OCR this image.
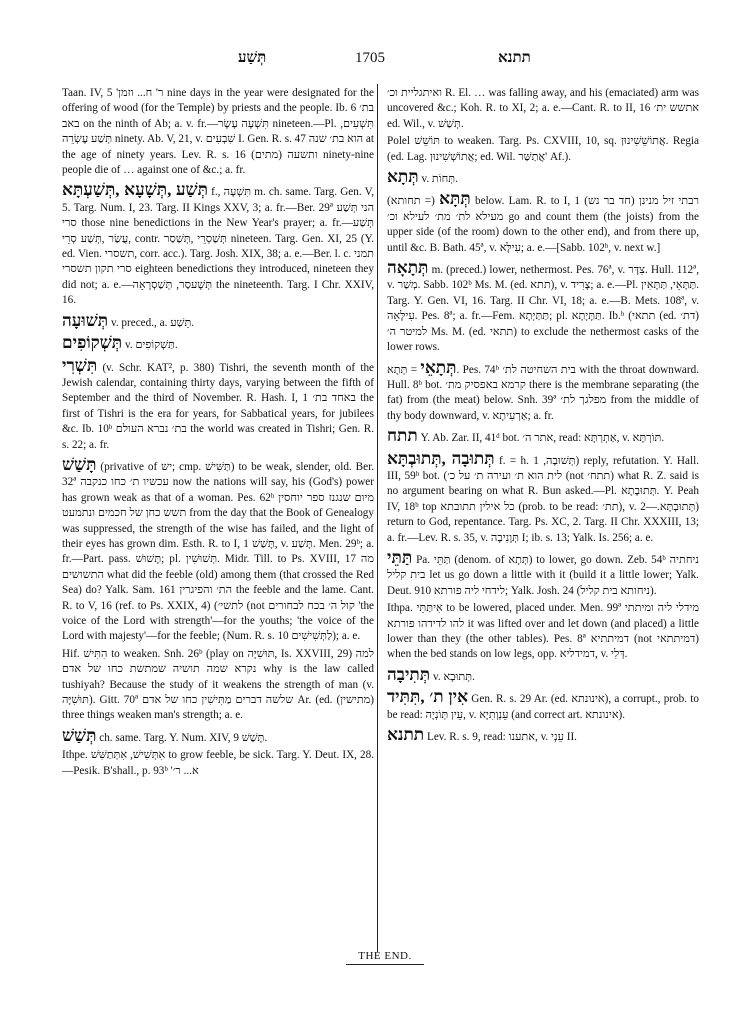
תְּשַׁע	1705	תתנא
Taan. IV, 5 'ר' ח... וזמן nine days in the year were designated for the offering of wood (for the Temple) by priests and the people. Ib. 6 בת׳ באב on the ninth of Ab; a. v. fr.—תִּשְׁעָה עָשָׂר nineteen.—Pl. תִּשְׁעִים, תְּשַׁע עֶשְׂרֵה ninety. Ab. V, 21, v. שִׁבְעִים I. Gen. R. s. 47 הוא בת׳ שנה at the age of ninety years. Lev. R. s. 16 (ותשעה (מתים ninety-nine people die of … against one of &c.; a. fr.
תְּשַׁע ,תְּשָׁעָא ,תְּשַׁעְתָּא f., תִּשְׁעָה m. ch. same. Targ. Gen. V, 5. Targ. Num. I, 23. Targ. II Kings XXV, 3; a. fr.—Ber. 29ª הני תְּשַׁע סרי those nine benedictions in the New Year's prayer; a. fr.—תְּשַׁע עֲשַׂר ,תְּשַׁע סְרֵי, contr. תְּשַׁסְרֵי ,תְּשַׁסַר nineteen. Targ. Gen. XI, 25 (Y. ed. Vien. תשסרי, corr. acc.). Targ. Josh. XIX, 38; a. e.—Ber. l. c. תמני סרי תקון תשסרי eighteen benedictions they introduced, nineteen they did not; a. e.—תְּשָׁעסַר, תְּשַׁסְרָאָה the nineteenth. Targ. I Chr. XXIV, 16.
תְּשׁוּעָה v. preced., a. תֵּשַׁע.
תְּשְׁקוֹפִים v. תַּשְׁקוֹפִים.
תִּשְׁרִי (v. Schr. KAT², p. 380) Tishri, the seventh month of the Jewish calendar, containing thirty days, varying between the fifth of September and the third of November. R. Hash. I, 1 באחד בת׳ the first of Tishri is the era for years, for Sabbatical years, for jubilees &c. Ib. 10ᵇ בת׳ נברא העולם the world was created in Tishri; Gen. R. s. 22; a. fr.
תָּשַׁשׁ (privative of יש; cmp. תַּשִּׁישׁ) to be weak, slender, old. Ber. 32ª עכשיו ת׳ כחו כנקבה now the nations will say, his (God's) power has grown weak as that of a woman. Pes. 62ᵇ מיום שנגנז ספר יוחסין תשש כחן של חכמים ונתמעט from the day that the Book of Genealogy was suppressed, the strength of the wise has failed, and the light of their eyes has grown dim. Esth. R. to I, 1 תָּשַׁשׁ, v. תָּשַׁע. Men. 29ᵇ; a. fr.—Part. pass. תָּשׁוּשׁ; pl. תְּשׁוּשִׁין. Midr. Till. to Ps. XVIII, 17 מה התשושים what did the feeble (old) among them (that crossed the Red Sea) do? Yalk. Sam. 161 הת׳ והפיגרין the feeble and the lame. Cant. R. to V, 16 (ref. to Ps. XXIX, 4) (לתשי׳ (not קול ה׳ בכח לבחורים 'the voice of the Lord with strength'—for the youths; 'the voice of the Lord with majesty'—for the feeble; (Num. R. s. 10 לַתְּשִׁישִׁים); a. e.
Hif. הִתִּישׁ to weaken. Snh. 26ᵇ (play on תּוּשִׁיָּה, Is. XXVIII, 29) למה נקרא שמה תושיה שמתשת כחו של אדם why is the law called tushiyah? Because the study of it weakens the strength of man (v. תּוּשִׁיָּה). Gitt. 70ª שלשה דברים מַתִּישִׁין כחו של אדם Ar. (ed. (מתישין) three things weaken man's strength; a. e.
תְּשַׁשׁ ch. same. Targ. Y. Num. XIV, 9 תָּשַׁשׁ.
Ithpe. אִתְּשִׁישׁ, אִתְּתַשִּׁשׁ to grow feeble, be sick. Targ. Y. Deut. IX, 28.—Pesik. B'shall., p. 93ᵇ 'א... ר׳
ואיתגליית וכ׳ R. El. … was falling away, and his (emaciated) arm was uncovered &c.; Koh. R. to XI, 2; a. e.—Cant. R. to II, 16 אתשש ית׳ ed. Wil., v. תְּשַׁשׁ.
Polel תּוֹשֵׁשׁ to weaken. Targ. Ps. CXVIII, 10, sq. אֲתוֹשֵׁשִׁינוּן. Regia (ed. Lag. אֲתוֹשְׁשִׁינוּן; ed. Wil. אֲתַשַּׁר' Af.).
תְּתָא v. תְּחוֹת.
תְּתָּא (= תחותא) below. Lam. R. to I, 1 (חד בר נש) רבתי זיל מנינן מעילא לת׳ מת׳ לעילא וכ׳ go and count them (the joists) from the upper side (of the room) down to the other end), and from there up, until &c. B. Bath. 45ª, v. עִילָּא; a. e.—[Sabb. 102ᵇ, v. next w.]
תְּתָאָה m. (preced.) lower, nethermost. Pes. 76ª, v. צִדָּר. Hull. 112ª, v. מְשַׁר. Sabb. 102ᵇ Ms. M. (ed. תתא), v. צָרִיד; a. e.—Pl. תַּתָּאֵי, תַּתָּאִין. Targ. Y. Gen. VI, 16. Targ. II Chr. VI, 18; a. e.—B. Mets. 108ª, v. עִילָּאָה. Pes. 8ª; a. fr.—Fem. תַּתַּיְתָא; pl. תַּתָּיָתָא. Ib.ᵇ (תתאי (ed. דת׳) למיטר ה׳ Ms. M. (ed. תתאי) to exclude the nethermost casks of the lower rows.
תְּתָאֵי = תְּתָא. Pes. 74ᵇ בית השחיטה לת׳ with the throat downward. Hull. 8ᵇ bot. קרמא באפסיק מת׳ there is the membrane separating (the fat) from (the meat) below. Snh. 39ª מפלגך לת׳ from the middle of thy body downward, v. אַרְעִיתָא; a. fr.
תתח Y. Ab. Zar. II, 41ᵈ bot. אתר ה׳, read: אַתְרְתָּא, v. תּוֹרְתָּא.
תְּתוּבָה ,תְּתוּבְתָּא f. = h. תְּשׁוּבָה, 1) reply, refutation. Y. Hall. III, 59ᵇ bot. (לית הוא ת׳ ועירה ת׳ על כ׳ (not תתח׳) what R. Z. said is no argument bearing on what R. Bun asked.—Pl. תְּתוּבָתָא. Y. Peah IV, 18ᵇ top כל אילין תתובתא (prob. to be read: תת׳), v. תְּתוּבְתָּא.—2) return to God, repentance. Targ. Ps. XC, 2. Targ. II Chr. XXXIII, 13; a. fr.—Lev. R. s. 35, v. תְּוָנִיבָה I; ib. s. 13; Yalk. Is. 256; a. e.
תַּתֵּי Pa. תַּתֵּי (denom. of תְּתָא) to lower, go down. Zeb. 54ᵇ ניחתיה בית קליל let us go down a little with it (build it a little lower; Yalk. Deut. 910 לידחי ליה פורתא; Yalk. Josh. 24 (ניחותא בית קליל).
Ithpa. אִיתַּתֵּי to be lowered, placed under. Men. 99ª מידלי ליה ומיתתי להו לדידהו פורתא it was lifted over and let down (and placed) a little lower than they (the other tables). Pes. 8ª דמיתתיא (not דמיתתאי) when the bed stands on low legs, opp. דמידליא, v. דְּלִי.
תְּתִיבָה v. תְּתוּבָא.
אִין ת׳ ,תִּתִּיד Gen. R. s. 29 Ar. (ed. אינונתא), a corrupt., prob. to be read: עֵין תְּוֹנְיָה, v. עֵנְוְתִיָא (and correct art. אינונתא).
תתנא Lev. R. s. 9, read: אתענו, v. עֵנְי II.
THE END.
